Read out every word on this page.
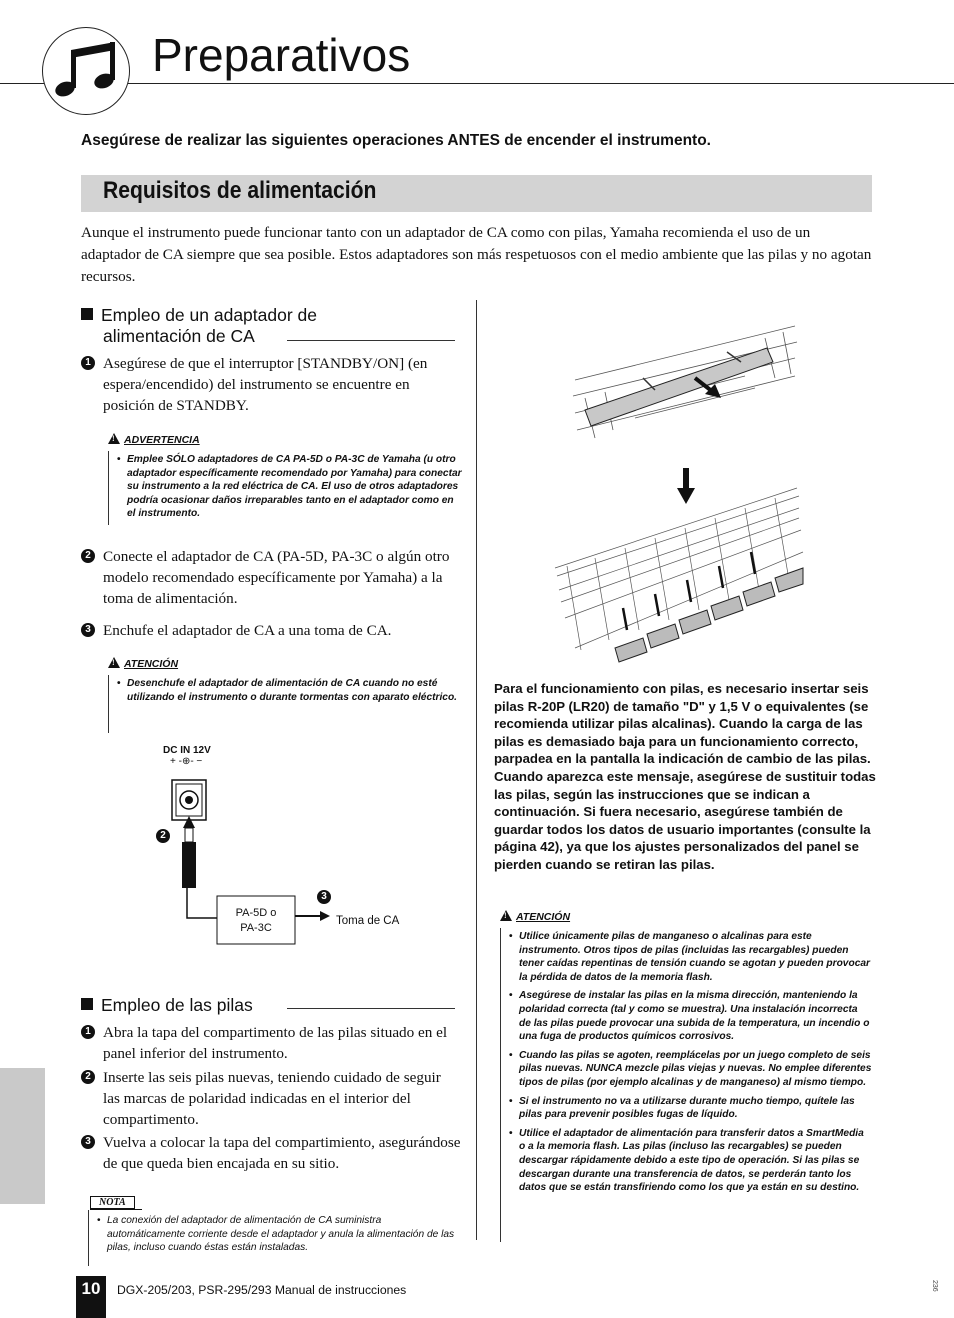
Preparativos
Asegúrese de realizar las siguientes operaciones ANTES de encender el instrumento.
Requisitos de alimentación
Aunque el instrumento puede funcionar tanto con un adaptador de CA como con pilas, Yamaha recomienda el uso de un adaptador de CA siempre que sea posible. Estos adaptadores son más respetuosos con el medio ambiente que las pilas y no agotan recursos.
Empleo de un adaptador de
alimentación de CA
1 Asegúrese de que el interruptor [STANDBY/ON] (en espera/encendido) del instrumento se encuentre en posición de STANDBY.
!ADVERTENCIA
• Emplee SÓLO adaptadores de CA PA-5D o PA-3C de Yamaha (u otro adaptador específicamente recomendado por Yamaha) para conectar su instrumento a la red eléctrica de CA. El uso de otros adaptadores podría ocasionar daños irreparables tanto en el adaptador como en el instrumento.
2 Conecte el adaptador de CA (PA-5D, PA-3C o algún otro modelo recomendado específicamente por Yamaha) a la toma de alimentación.
3 Enchufe el adaptador de CA a una toma de CA.
!ATENCIÓN
• Desenchufe el adaptador de alimentación de CA cuando no esté utilizando el instrumento o durante tormentas con aparato eléctrico.
DC IN 12V
+ -⊕- −
2
3
PA-5D o
PA-3C
Toma de CA
Empleo de las pilas
1 Abra la tapa del compartimento de las pilas situado en el panel inferior del instrumento.
2 Inserte las seis pilas nuevas, teniendo cuidado de seguir las marcas de polaridad indicadas en el interior del compartimento.
3 Vuelva a colocar la tapa del compartimiento, asegurándose de que queda bien encajada en su sitio.
NOTA
• La conexión del adaptador de alimentación de CA suministra automáticamente corriente desde el adaptador y anula la alimentación de las pilas, incluso cuando éstas están instaladas.
Para el funcionamiento con pilas, es necesario insertar seis pilas R-20P (LR20) de tamaño "D" y 1,5 V o equivalentes (se recomienda utilizar pilas alcalinas). Cuando la carga de las pilas es demasiado baja para un funcionamiento correcto, parpadea en la pantalla la indicación de cambio de las pilas. Cuando aparezca este mensaje, asegúrese de sustituir todas las pilas, según las instrucciones que se indican a continuación. Si fuera necesario, asegúrese también de guardar todos los datos de usuario importantes (consulte la página 42), ya que los ajustes personalizados del panel se pierden cuando se retiran las pilas.
!ATENCIÓN
• Utilice únicamente pilas de manganeso o alcalinas para este instrumento. Otros tipos de pilas (incluidas las recargables) pueden tener caídas repentinas de tensión cuando se agotan y pueden provocar la pérdida de datos de la memoria flash.
• Asegúrese de instalar las pilas en la misma dirección, manteniendo la polaridad correcta (tal y como se muestra). Una instalación incorrecta de las pilas puede provocar una subida de la temperatura, un incendio o una fuga de productos químicos corrosivos.
• Cuando las pilas se agoten, reemplácelas por un juego completo de seis pilas nuevas. NUNCA mezcle pilas viejas y nuevas. No emplee diferentes tipos de pilas (por ejemplo alcalinas y de manganeso) al mismo tiempo.
• Si el instrumento no va a utilizarse durante mucho tiempo, quítele las pilas para prevenir posibles fugas de líquido.
• Utilice el adaptador de alimentación para transferir datos a SmartMedia o a la memoria flash. Las pilas (incluso las recargables) se pueden descargar rápidamente debido a este tipo de operación. Si las pilas se descargan durante una transferencia de datos, se perderán tanto los datos que se están transfiriendo como los que ya están en su destino.
10	DGX-205/203, PSR-295/293 Manual de instrucciones	236
